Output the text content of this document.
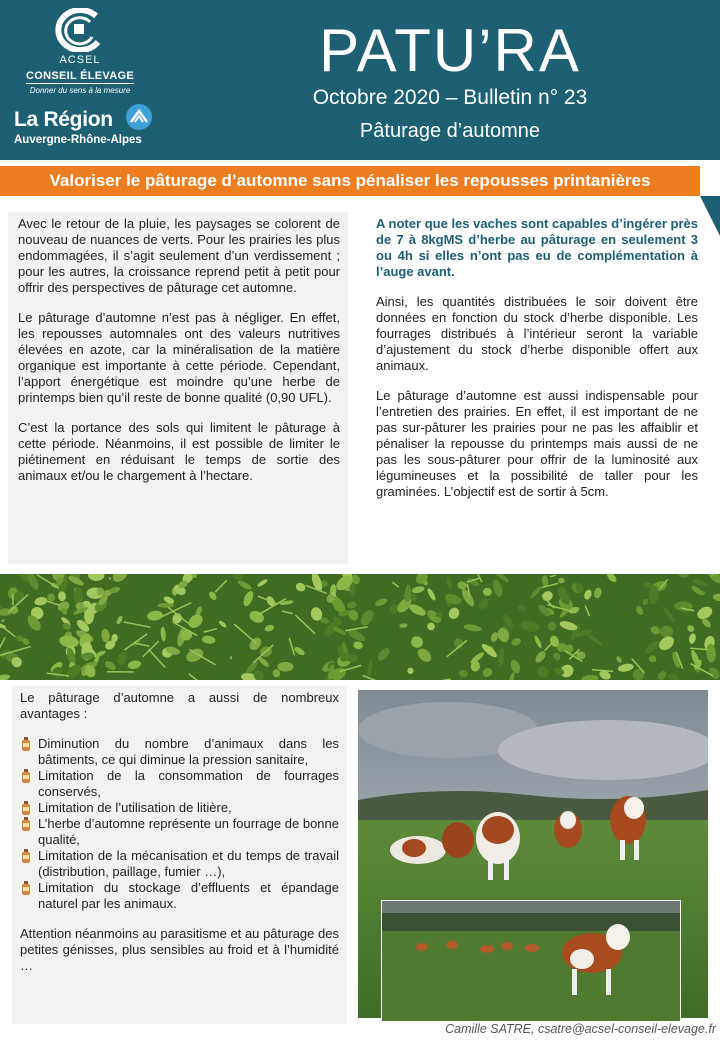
ACSEL
CONSEIL ÉLEVAGE
Donner du sens à la mesure
La Région
Auvergne-Rhône-Alpes
PATU’RA
Octobre 2020 – Bulletin n° 23
Pâturage d’automne
Valoriser le pâturage d’automne sans pénaliser les repousses printanières

Avec le retour de la pluie, les paysages se colorent de nouveau de nuances de verts. Pour les prairies les plus endommagées, il s’agit seulement d’un verdissement ; pour les autres, la croissance reprend petit à petit pour offrir des perspectives de pâturage cet automne.

Le pâturage d’automne n’est pas à négliger. En effet, les repousses automnales ont des valeurs nutritives élevées en azote, car la minéralisation de la matière organique est importante à cette période. Cependant, l’apport énergétique est moindre qu’une herbe de printemps bien qu’il reste de bonne qualité (0,90 UFL).

C’est la portance des sols qui limitent le pâturage à cette période. Néanmoins, il est possible de limiter le piétinement en réduisant le temps de sortie des animaux et/ou le chargement à l’hectare.

A noter que les vaches sont capables d’ingérer près de 7 à 8kgMS d’herbe au pâturage en seulement 3 ou 4h si elles n’ont pas eu de complémentation à l’auge avant.

Ainsi, les quantités distribuées le soir doivent être données en fonction du stock d’herbe disponible. Les fourrages distribués à l’intérieur seront la variable d’ajustement du stock d’herbe disponible offert aux animaux.

Le pâturage d’automne est aussi indispensable pour l’entretien des prairies. En effet, il est important de ne pas sur-pâturer les prairies pour ne pas les affaiblir et pénaliser la repousse du printemps mais aussi de ne pas les sous-pâturer pour offrir de la luminosité aux légumineuses et la possibilité de taller pour les graminées. L’objectif est de sortir à 5cm.

Le pâturage d’automne a aussi de nombreux avantages :

Diminution du nombre d’animaux dans les bâtiments, ce qui diminue la pression sanitaire,
Limitation de la consommation de fourrages conservés,
Limitation de l’utilisation de litière,
L’herbe d’automne représente un fourrage de bonne qualité,
Limitation de la mécanisation et du temps de travail (distribution, paillage, fumier …),
Limitation du stockage d’effluents et épandage naturel par les animaux.

Attention néanmoins au parasitisme et au pâturage des petites génisses, plus sensibles au froid et à l’humidité …

Camille SATRE, csatre@acsel-conseil-elevage.fr
